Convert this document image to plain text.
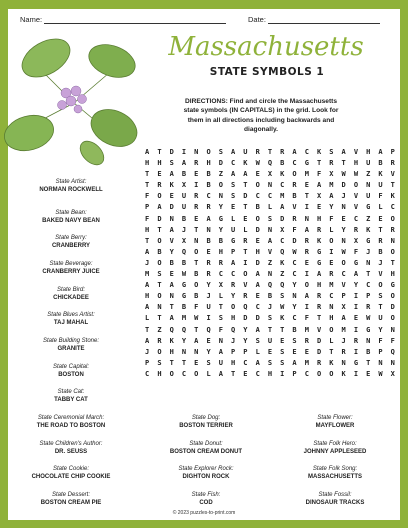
Name:	Date:
Massachusetts
STATE SYMBOLS 1
DIRECTIONS: Find and circle the Massachusetts state symbols (IN CAPITALS) in the grid. Look for them in all directions including backwards and diagonally.
A	T	D	I	N	O	S	A	U	R	T	R	A	C	K	S	A	V	H	A	P
H	H	S	A	R	H	D	C	K	W	Q	B	C	G	T	R	T	H	U	B	R
T	E	A	B	E	B	Z	A	A	E	X	K	O	M	F	X	W	W	Z	K	V
T	R	K	X	I	B	O	S	T	O	N	C	R	E	A	M	D	O	N	U	T
F	O	E	U	R	C	N	S	D	C	C	M	B	T	X	A	J	V	U	F	K
P	A	D	U	R	R	Y	E	T	B	L	A	V	I	E	Y	N	V	G	L	C
F	D	N	B	E	A	G	L	E	O	S	D	R	N	H	F	E	C	Z	E	O
H	T	A	J	T	N	Y	U	L	D	N	X	F	A	R	L	Y	R	K	T	R
T	O	V	X	N	B	B	G	R	E	A	C	D	R	K	O	N	X	G	R	N
A	B	Y	Q	O	E	H	P	T	H	V	Q	W	R	G	I	W	F	J	B	O
J	O	B	B	T	R	R	A	I	D	Z	K	C	E	G	E	O	G	N	J	T
M	S	E	W	B	R	C	C	O	A	N	Z	C	I	A	R	C	A	T	V	H
A	T	A	G	O	Y	X	R	V	A	Q	Q	Y	O	H	M	V	Y	C	O	G
H	O	N	G	B	J	L	Y	R	E	B	S	N	A	R	C	P	I	P	S	O
A	N	T	B	F	U	T	O	Q	C	J	W	Y	I	R	N	X	I	R	T	D
L	T	A	M	W	I	S	H	D	D	S	K	C	F	T	H	A	E	W	U	O
T	Z	Q	Q	T	Q	F	Q	Y	A	T	T	B	M	V	O	M	I	G	Y	N
A	R	K	Y	A	E	N	J	Y	S	U	E	S	R	D	L	J	R	N	F	F
J	O	H	N	N	Y	A	P	P	L	E	S	E	E	D	T	R	I	B	P	Q
P	S	T	T	E	S	U	H	C	A	S	S	A	M	R	K	N	G	T	N	N
C	H	O	C	O	L	A	T	E	C	H	I	P	C	O	O	K	I	E	W	X
State Artist:
NORMAN ROCKWELL
State Bean:
BAKED NAVY BEAN
State Berry:
CRANBERRY
State Beverage:
CRANBERRY JUICE
State Bird:
CHICKADEE
State Blues Artist:
TAJ MAHAL
State Building Stone:
GRANITE
State Capital:
BOSTON
State Cat:
TABBY CAT
State Ceremonial March:
THE ROAD TO BOSTON
State Children's Author:
DR. SEUSS
State Cookie:
CHOCOLATE CHIP COOKIE
State Dessert:
BOSTON CREAM PIE
State Dog:
BOSTON TERRIER
State Donut:
BOSTON CREAM DONUT
State Explorer Rock:
DIGHTON ROCK
State Fish:
COD
State Flower:
MAYFLOWER
State Folk Hero:
JOHNNY APPLESEED
State Folk Song:
MASSACHUSETTS
State Fossil:
DINOSAUR TRACKS
© 2023 puzzles-to-print.com
